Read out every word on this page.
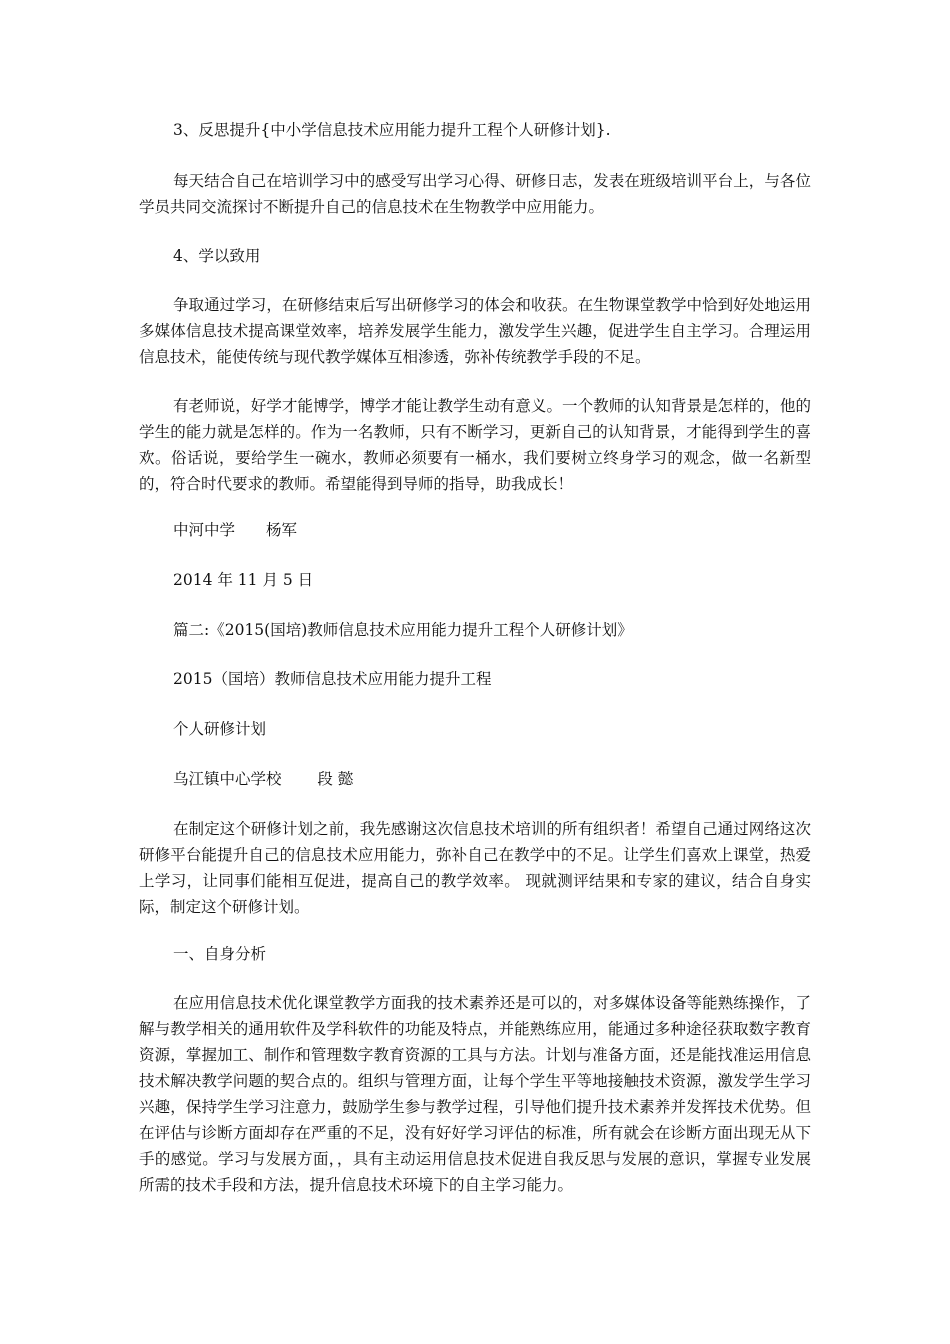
3、反思提升{中小学信息技术应用能力提升工程个人研修计划}.

每天结合自己在培训学习中的感受写出学习心得、研修日志，发表在班级培训平台上，与各位学员共同交流探讨不断提升自己的信息技术在生物教学中应用能力。

4、学以致用

争取通过学习，在研修结束后写出研修学习的体会和收获。在生物课堂教学中恰到好处地运用多媒体信息技术提高课堂效率，培养发展学生能力，激发学生兴趣，促进学生自主学习。合理运用信息技术，能使传统与现代教学媒体互相渗透，弥补传统教学手段的不足。

有老师说，好学才能博学，博学才能让教学生动有意义。一个教师的认知背景是怎样的，他的学生的能力就是怎样的。作为一名教师，只有不断学习，更新自己的认知背景，才能得到学生的喜欢。俗话说，要给学生一碗水，教师必须要有一桶水，我们要树立终身学习的观念，做一名新型的，符合时代要求的教师。希望能得到导师的指导，助我成长！

中河中学　　杨军

2014 年 11 月 5 日

篇二:《2015(国培)教师信息技术应用能力提升工程个人研修计划》

2015（国培）教师信息技术应用能力提升工程

个人研修计划

乌江镇中心学校　　 段 懿

在制定这个研修计划之前，我先感谢这次信息技术培训的所有组织者！希望自己通过网络这次研修平台能提升自己的信息技术应用能力，弥补自己在教学中的不足。让学生们喜欢上课堂，热爱上学习，让同事们能相互促进，提高自己的教学效率。 现就测评结果和专家的建议，结合自身实际，制定这个研修计划。

一、自身分析

在应用信息技术优化课堂教学方面我的技术素养还是可以的，对多媒体设备等能熟练操作，了解与教学相关的通用软件及学科软件的功能及特点，并能熟练应用，能通过多种途径获取数字教育资源，掌握加工、制作和管理数字教育资源的工具与方法。计划与准备方面，还是能找准运用信息技术解决教学问题的契合点的。组织与管理方面，让每个学生平等地接触技术资源，激发学生学习兴趣，保持学生学习注意力，鼓励学生参与教学过程，引导他们提升技术素养并发挥技术优势。但在评估与诊断方面却存在严重的不足，没有好好学习评估的标准，所有就会在诊断方面出现无从下手的感觉。学习与发展方面，，具有主动运用信息技术促进自我反思与发展的意识，掌握专业发展所需的技术手段和方法，提升信息技术环境下的自主学习能力。
